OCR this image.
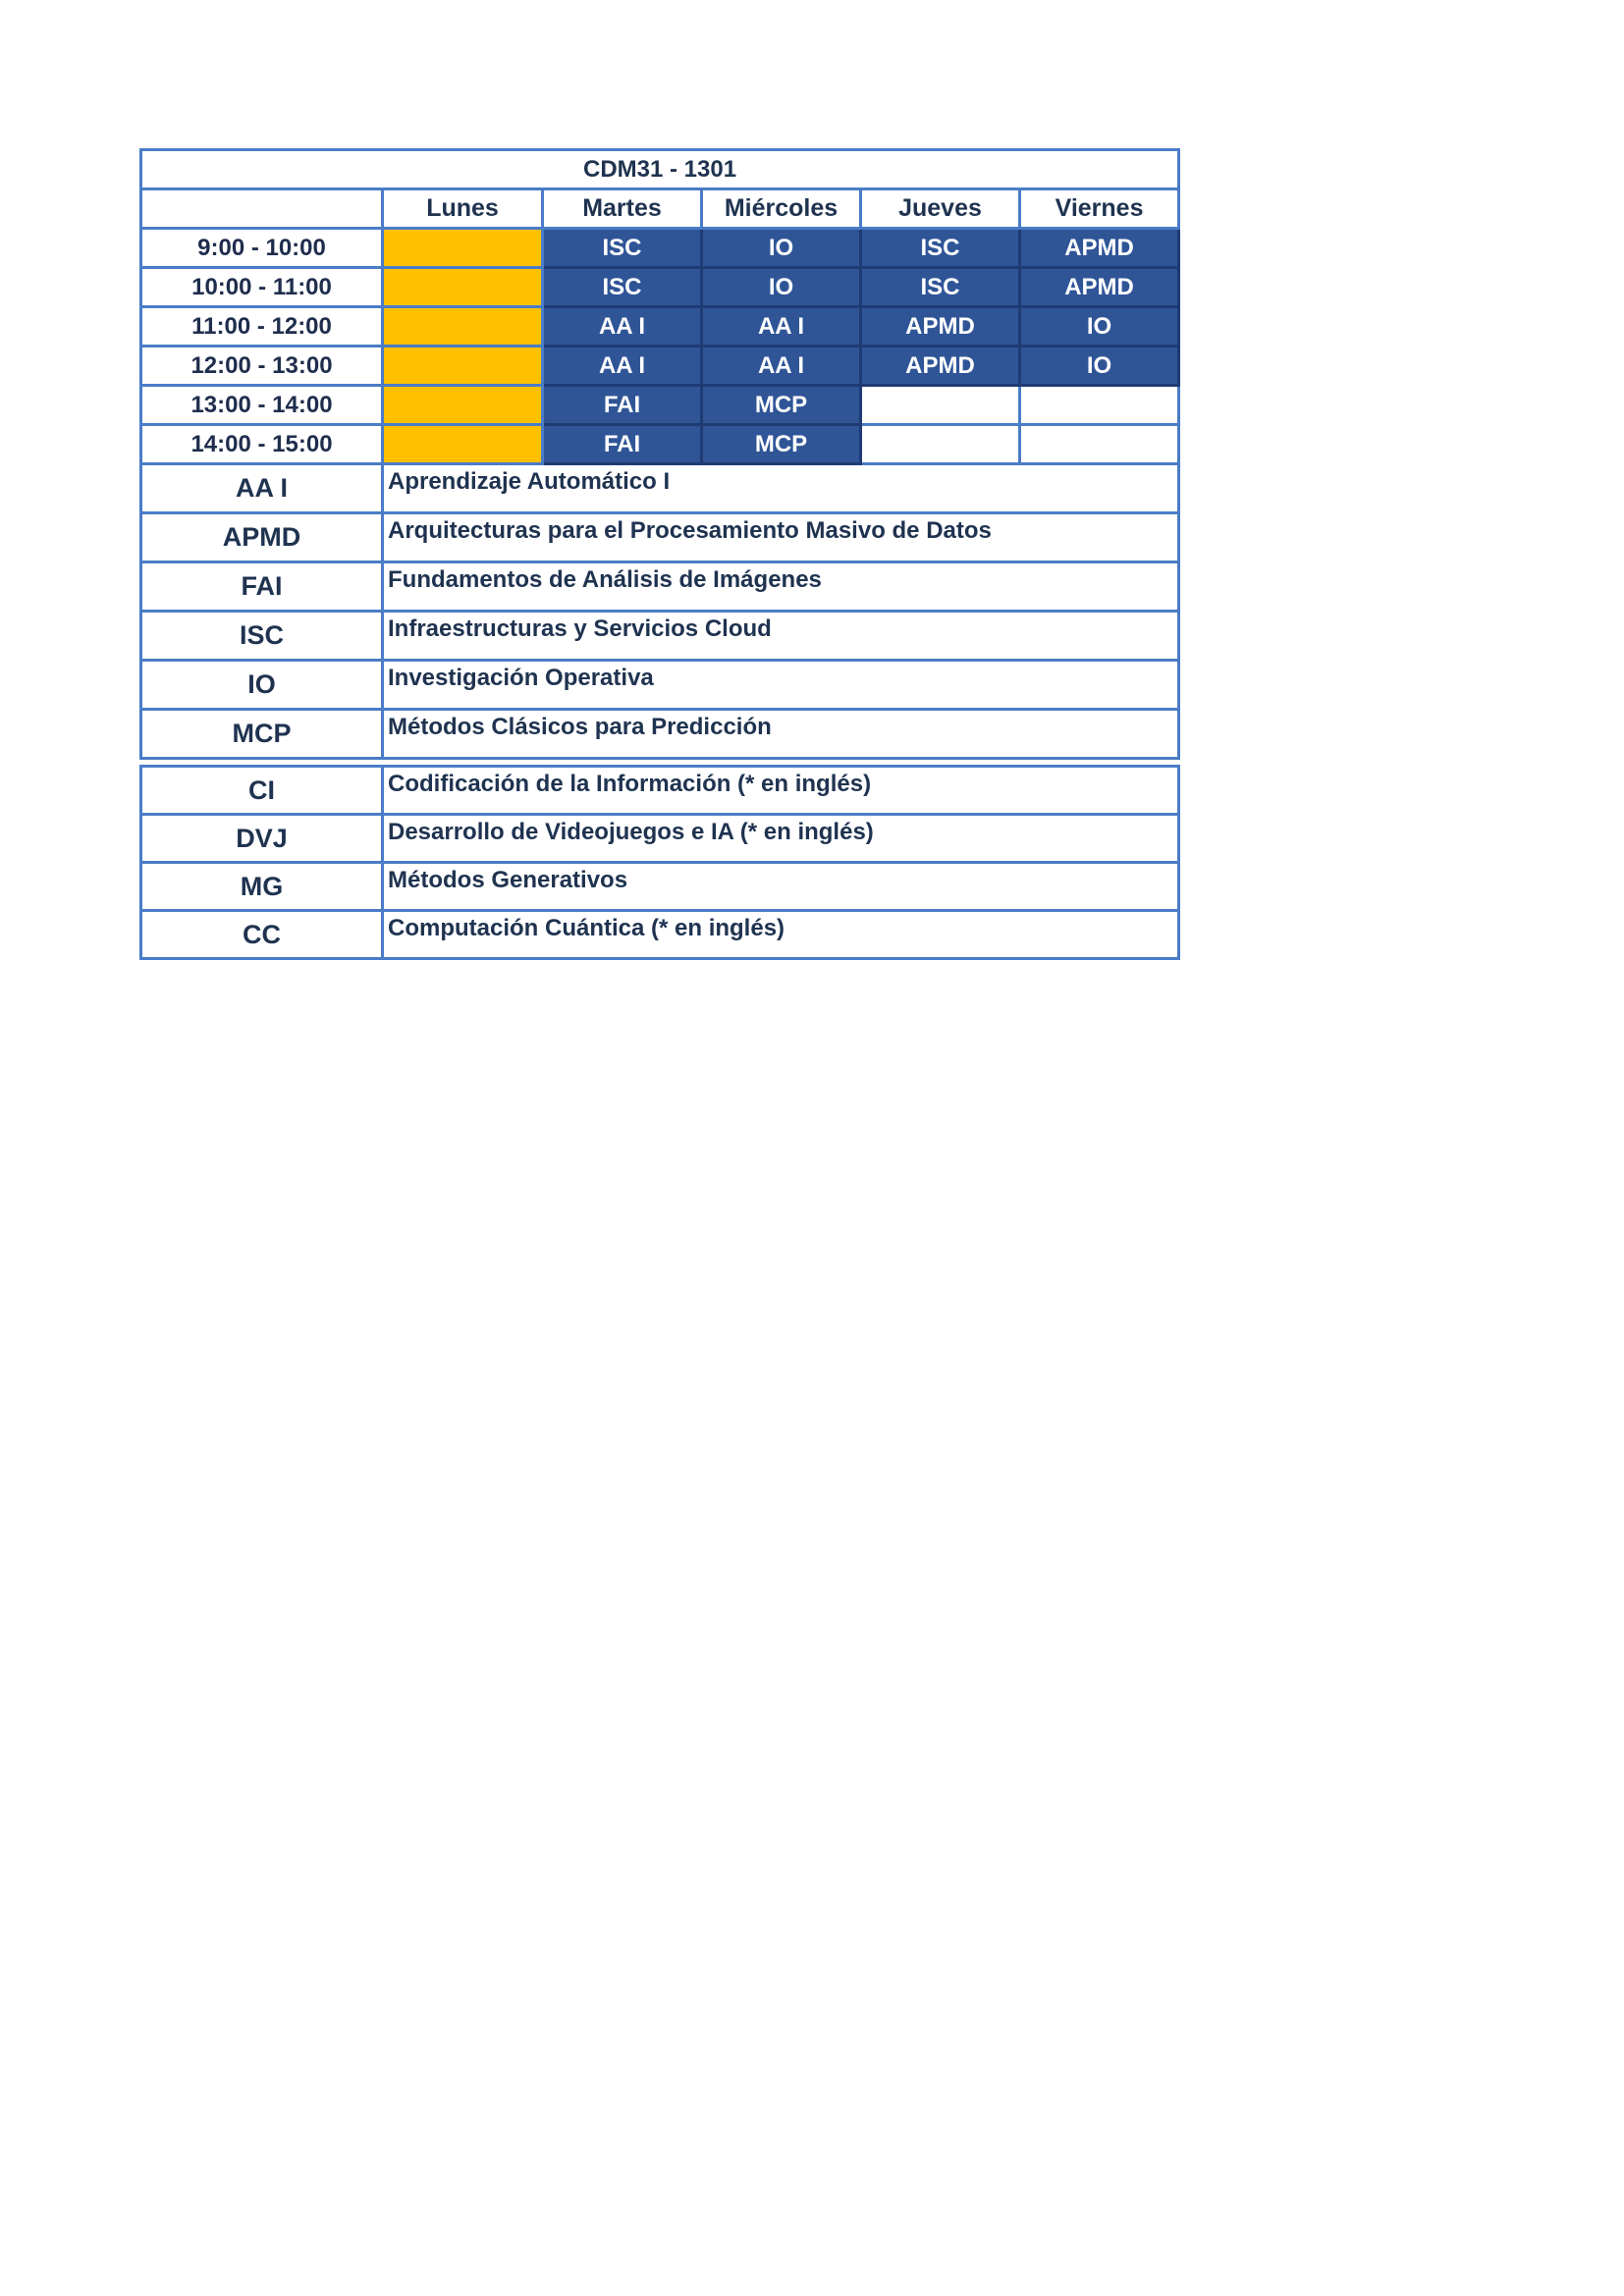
CDM31 - 1301					
	Lunes	Martes	Miércoles	Jueves	Viernes
9:00 - 10:00		ISC	IO	ISC	APMD
10:00 - 11:00		ISC	IO	ISC	APMD
11:00 - 12:00		AA I	AA I	APMD	IO
12:00 - 13:00		AA I	AA I	APMD	IO
13:00 - 14:00		FAI	MCP		
14:00 - 15:00		FAI	MCP		
AA I	Aprendizaje Automático I				
APMD	Arquitecturas para el Procesamiento Masivo de Datos				
FAI	Fundamentos de Análisis de Imágenes				
ISC	Infraestructuras y Servicios Cloud				
IO	Investigación Operativa				
MCP	Métodos Clásicos para Predicción				
CI	Codificación de la Información (* en inglés)
DVJ	Desarrollo de Videojuegos e IA (* en inglés)
MG	Métodos Generativos
CC	Computación Cuántica (* en inglés)
